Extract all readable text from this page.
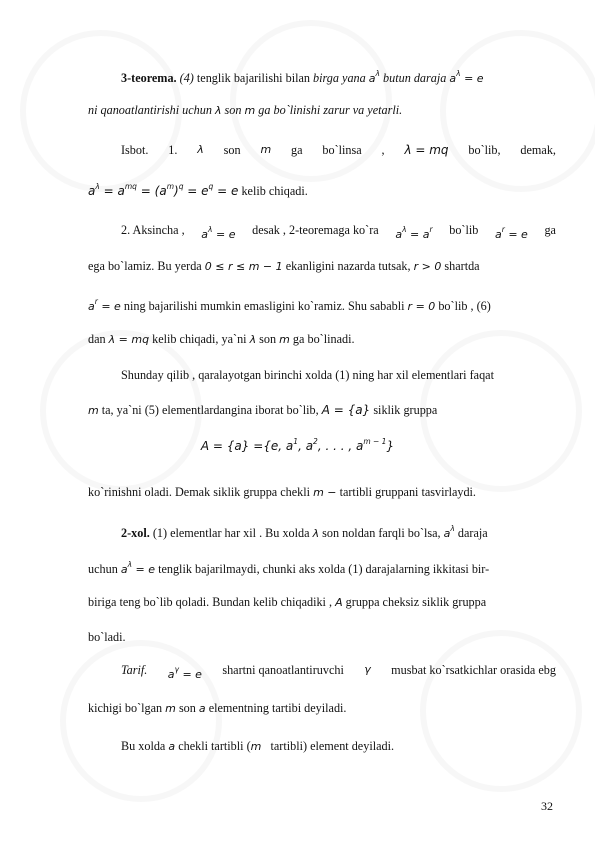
3-teorema. (4) tenglik bajarilishi bilan birga yana $a^\lambda$ butun daraja $a^\lambda = e$
ni qanoatlantirishi uchun λ son m ga bo`linishi zarur va yetarli.
Isbot. 1. λ son m ga bo`linsa , λ = mq bo`lib, demak,
$a^\lambda = a^{mq} = (a^m)^q = e^q = e$ kelib chiqadi.
2. Aksincha , $a^\lambda = e$ desak , 2-teoremaga ko`ra $a^\lambda = a^r$ bo`lib $a^r = e$ ga
ega bo`lamiz. Bu yerda 0 ≤ r ≤ m − 1 ekanligini nazarda tutsak, r > 0 shartda
$a^r = e$ ning bajarilishi mumkin emasligini ko`ramiz. Shu sababli r = 0 bo`lib , (6)
dan λ = mq kelib chiqadi, ya`ni λ son m ga bo`linadi.
Shunday qilib , qaralayotgan birinchi xolda (1) ning har xil elementlari faqat
m ta, ya`ni (5) elementlardangina iborat bo`lib, A = {a} siklik gruppa
A = {a} ={e, $a^1$, $a^2$, . . . , $a^{m - 1}$}
ko`rinishni oladi. Demak siklik gruppa chekli m − tartibli gruppani tasvirlaydi.
2-xol. (1) elementlar har xil . Bu xolda λ son noldan farqli bo`lsa, $a^\lambda$ daraja
uchun $a^\lambda = e$ tenglik bajarilmaydi, chunki aks xolda (1) darajalarning ikkitasi bir-
biriga teng bo`lib qoladi. Bundan kelib chiqadiki , A gruppa cheksiz siklik gruppa
bo`ladi.
Tarif. $a^\gamma = e$ shartni qanoatlantiruvchi γ musbat ko`rsatkichlar orasida ebg
kichigi bo`lgan m son a elementning tartibi deyiladi.
Bu xolda a chekli tartibli (m tartibli) element deyiladi.
32
